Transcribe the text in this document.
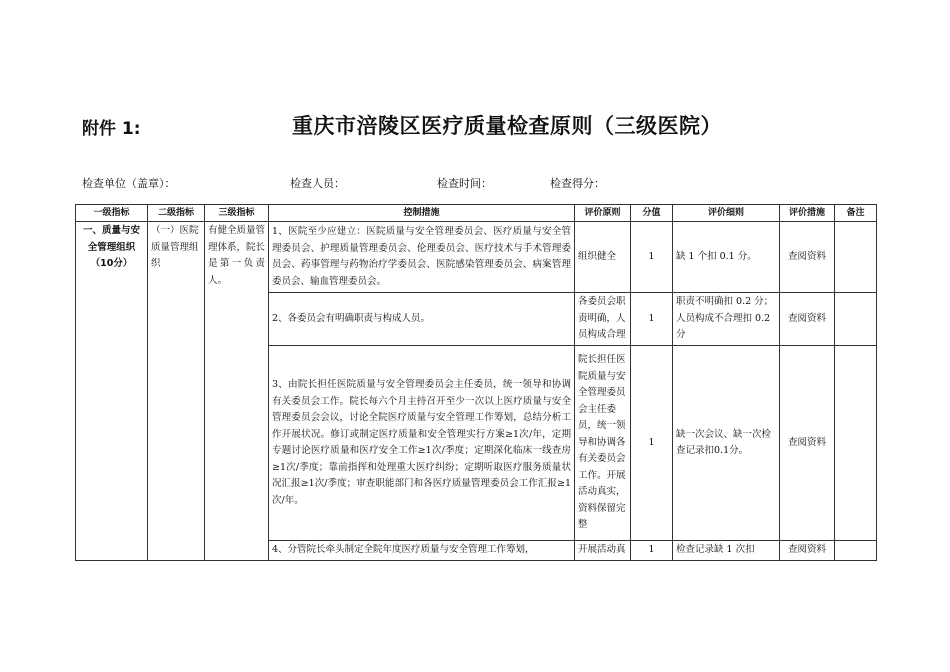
附件 1:	重庆市涪陵区医疗质量检查原则（三级医院）
检查单位（盖章）：	检查人员：	检查时间：	检查得分：
一级指标	二级指标	三级指标	控制措施	评价原则	分值	评价细则	评价措施	备注
一、质量与安全管理组织（10分）	（一）医院质量管理组织	有健全质量管理体系，院长是第一负责人。	1、医院至少应建立：医院质量与安全管理委员会、医疗质量与安全管理委员会、护理质量管理委员会、伦理委员会、医疗技术与手术管理委员会、药事管理与药物治疗学委员会、医院感染管理委员会、病案管理委员会、输血管理委员会。	组织健全	1	缺 1 个扣 0.1 分。	查阅资料	
			2、各委员会有明确职责与构成人员。	各委员会职责明确，人员构成合理	1	职责不明确扣 0.2 分；人员构成不合理扣 0.2 分	查阅资料	
			3、由院长担任医院质量与安全管理委员会主任委员，统一领导和协调有关委员会工作。院长每六个月主持召开至少一次以上医疗质量与安全管理委员会会议，讨论全院医疗质量与安全管理工作筹划，总结分析工作开展状况。修订或制定医疗质量和安全管理实行方案≥1次/年，定期专题讨论医疗质量和医疗安全工作≥1次/季度；定期深化临床一线查房≥1次/季度；靠前指挥和处理重大医疗纠纷；定期听取医疗服务质量状况汇报≥1次/季度；审查职能部门和各医疗质量管理委员会工作汇报≥1次/年。	院长担任医院质量与安全管理委员会主任委员，统一领导和协调各有关委员会工作。开展活动真实，资料保留完整	1	缺一次会议、缺一次检查记录扣0.1分。	查阅资料	
			4、分管院长牵头制定全院年度医疗质量与安全管理工作筹划，	开展活动真	1	检查记录缺 1 次扣	查阅资料	
